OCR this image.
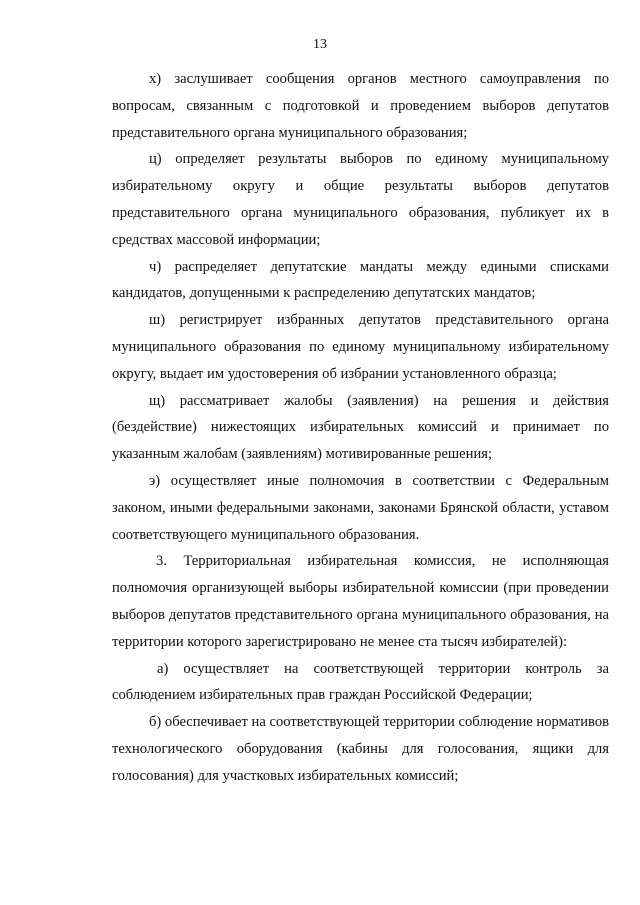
13

х) заслушивает сообщения органов местного самоуправления по вопросам, связанным с подготовкой и проведением выборов депутатов представительного органа муниципального образования;

ц) определяет результаты выборов по единому муниципальному избирательному округу и общие результаты выборов депутатов представительного органа муниципального образования, публикует их в средствах массовой информации;

ч) распределяет депутатские мандаты между едиными списками кандидатов, допущенными к распределению депутатских мандатов;

ш) регистрирует избранных депутатов представительного органа муниципального образования по единому муниципальному избирательному округу, выдает им удостоверения об избрании установленного образца;

щ) рассматривает жалобы (заявления) на решения и действия (бездействие) нижестоящих избирательных комиссий и принимает по указанным жалобам (заявлениям) мотивированные решения;

э) осуществляет иные полномочия в соответствии с Федеральным законом, иными федеральными законами, законами Брянской области, уставом соответствующего муниципального образования.

3. Территориальная избирательная комиссия, не исполняющая полномочия организующей выборы избирательной комиссии (при проведении выборов депутатов представительного органа муниципального образования, на территории которого зарегистрировано не менее ста тысяч избирателей):

а) осуществляет на соответствующей территории контроль за соблюдением избирательных прав граждан Российской Федерации;

б) обеспечивает на соответствующей территории соблюдение нормативов технологического оборудования (кабины для голосования, ящики для голосования) для участковых избирательных комиссий;
